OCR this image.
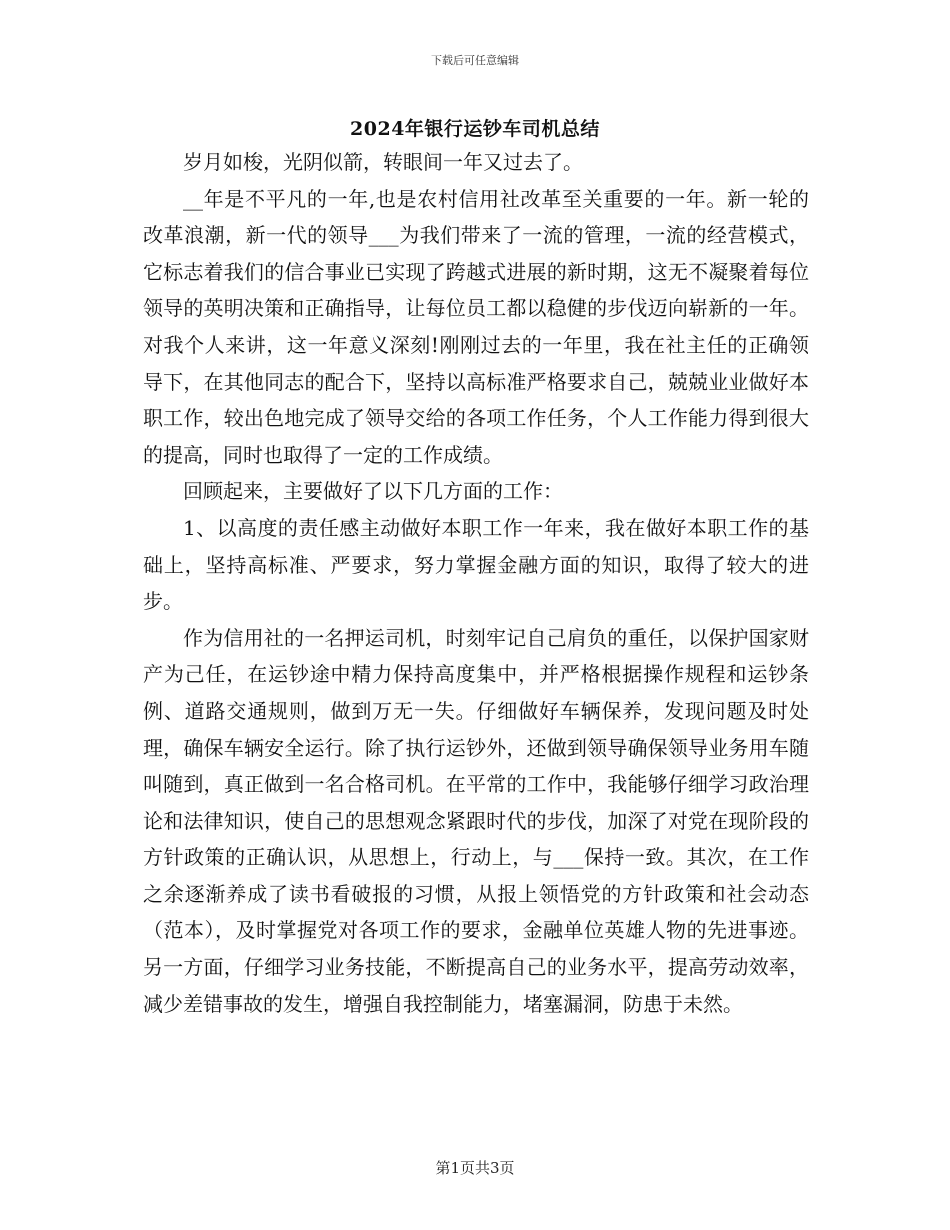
下载后可任意编辑
2024年银行运钞车司机总结

岁月如梭，光阴似箭，转眼间一年又过去了。

__年是不平凡的一年,也是农村信用社改革至关重要的一年。新一轮的改革浪潮，新一代的领导___为我们带来了一流的管理，一流的经营模式，它标志着我们的信合事业已实现了跨越式进展的新时期，这无不凝聚着每位领导的英明决策和正确指导，让每位员工都以稳健的步伐迈向崭新的一年。对我个人来讲，这一年意义深刻!刚刚过去的一年里，我在社主任的正确领导下，在其他同志的配合下，坚持以高标准严格要求自己，兢兢业业做好本职工作，较出色地完成了领导交给的各项工作任务，个人工作能力得到很大的提高，同时也取得了一定的工作成绩。

回顾起来，主要做好了以下几方面的工作：

1、以高度的责任感主动做好本职工作一年来，我在做好本职工作的基础上，坚持高标准、严要求，努力掌握金融方面的知识，取得了较大的进步。

作为信用社的一名押运司机，时刻牢记自己肩负的重任，以保护国家财产为己任，在运钞途中精力保持高度集中，并严格根据操作规程和运钞条例、道路交通规则，做到万无一失。仔细做好车辆保养，发现问题及时处理，确保车辆安全运行。除了执行运钞外，还做到领导确保领导业务用车随叫随到，真正做到一名合格司机。在平常的工作中，我能够仔细学习政治理论和法律知识，使自己的思想观念紧跟时代的步伐，加深了对党在现阶段的方针政策的正确认识，从思想上，行动上，与___保持一致。其次，在工作之余逐渐养成了读书看破报的习惯，从报上领悟党的方针政策和社会动态（范本），及时掌握党对各项工作的要求，金融单位英雄人物的先进事迹。另一方面，仔细学习业务技能，不断提高自己的业务水平，提高劳动效率，减少差错事故的发生，增强自我控制能力，堵塞漏洞，防患于未然。

第1页共3页
